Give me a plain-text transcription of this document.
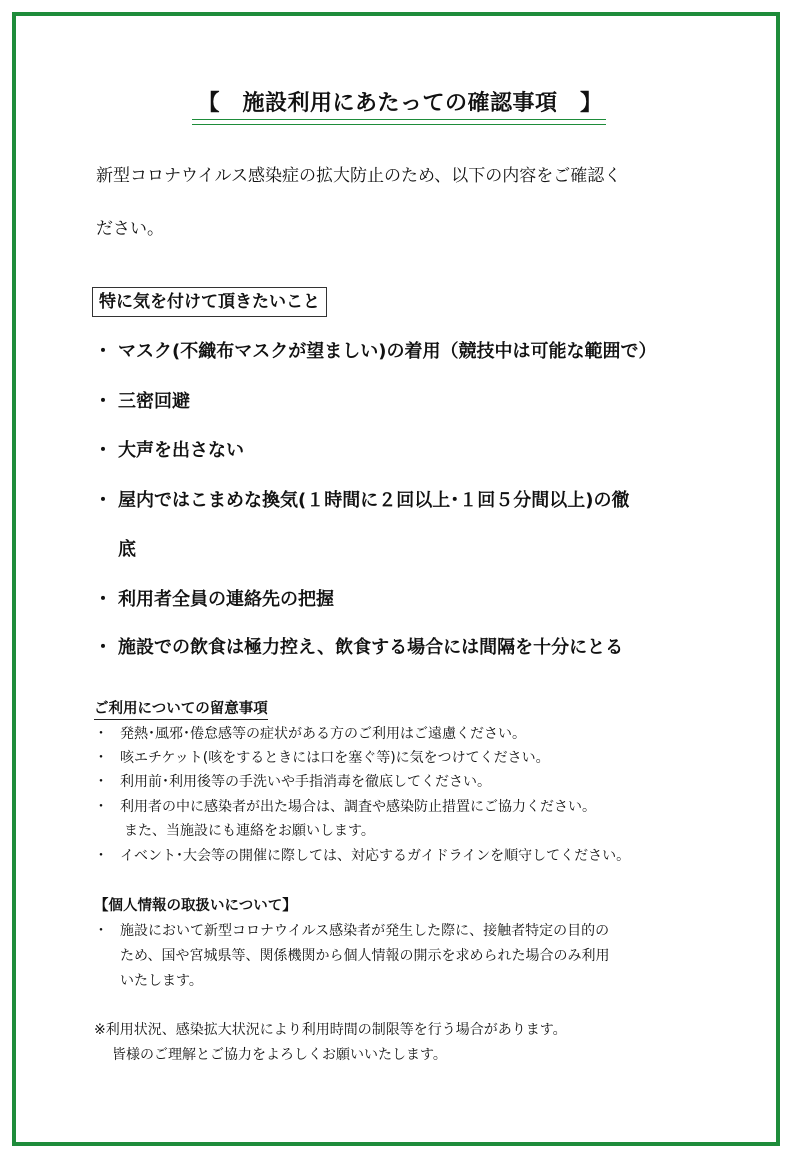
【　施設利用にあたっての確認事項　】
新型コロナウイルス感染症の拡大防止のため、以下の内容をご確認く
ださい。
特に気を付けて頂きたいこと
・ マスク(不織布マスクが望ましい)の着用（競技中は可能な範囲で）
・ 三密回避
・ 大声を出さない
・ 屋内ではこまめな換気(１時間に２回以上･１回５分間以上)の徹
底
・ 利用者全員の連絡先の把握
・ 施設での飲食は極力控え、飲食する場合には間隔を十分にとる
ご利用についての留意事項
・ 発熱･風邪･倦怠感等の症状がある方のご利用はご遠慮ください。
・ 咳エチケット(咳をするときには口を塞ぐ等)に気をつけてください。
・ 利用前･利用後等の手洗いや手指消毒を徹底してください。
・ 利用者の中に感染者が出た場合は、調査や感染防止措置にご協力ください。
また、当施設にも連絡をお願いします。
・ イベント･大会等の開催に際しては、対応するガイドラインを順守してください。
【個人情報の取扱いについて】
・ 施設において新型コロナウイルス感染者が発生した際に、接触者特定の目的の
ため、国や宮城県等、関係機関から個人情報の開示を求められた場合のみ利用
いたします。
※利用状況、感染拡大状況により利用時間の制限等を行う場合があります。
皆様のご理解とご協力をよろしくお願いいたします。
